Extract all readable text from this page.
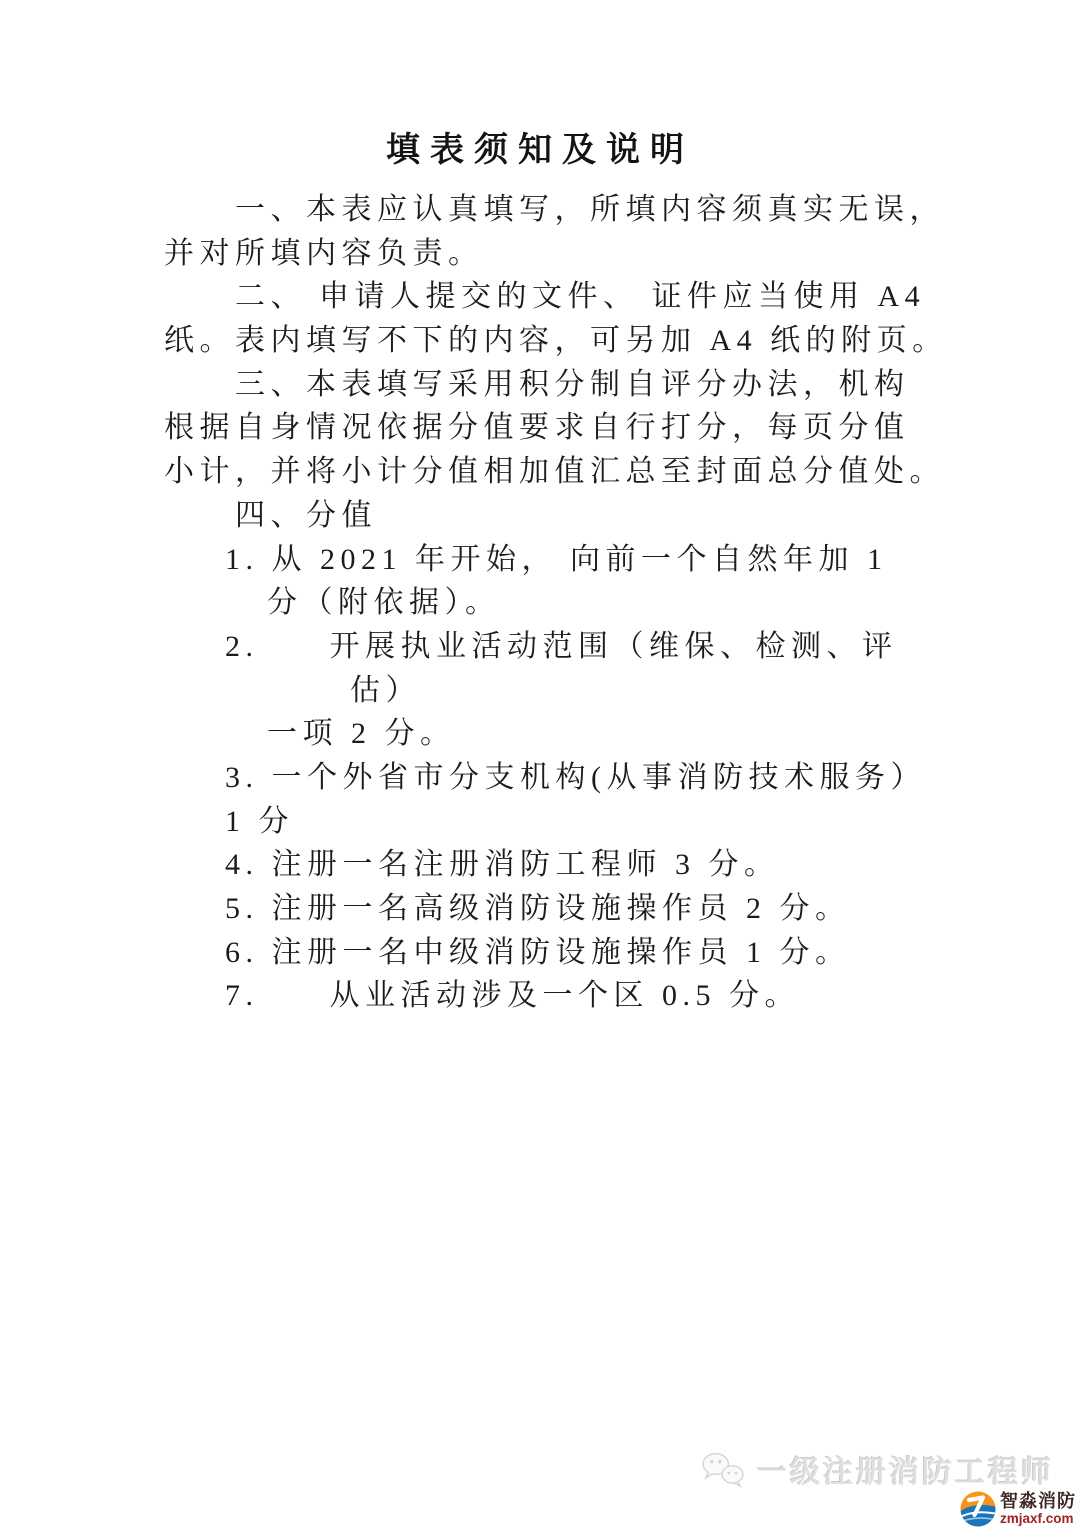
填表须知及说明
一、本表应认真填写，所填内容须真实无误，
并对所填内容负责。
二、 申请人提交的文件、 证件应当使用 A4
纸。表内填写不下的内容，可另加 A4 纸的附页。
三、本表填写采用积分制自评分办法，机构
根据自身情况依据分值要求自行打分，每页分值
小计，并将小计分值相加值汇总至封面总分值处。
四、分值
1. 从 2021 年开始， 向前一个自然年加 1
分（附依据）。
2.　　开展执业活动范围（维保、检测、评
估）
一项 2 分。
3. 一个外省市分支机构(从事消防技术服务）
1 分
4. 注册一名注册消防工程师 3 分。
5. 注册一名高级消防设施操作员 2 分。
6. 注册一名中级消防设施操作员 1 分。
7.　　从业活动涉及一个区 0.5 分。
一级注册消防工程师
智淼消防
zmjaxf.com
